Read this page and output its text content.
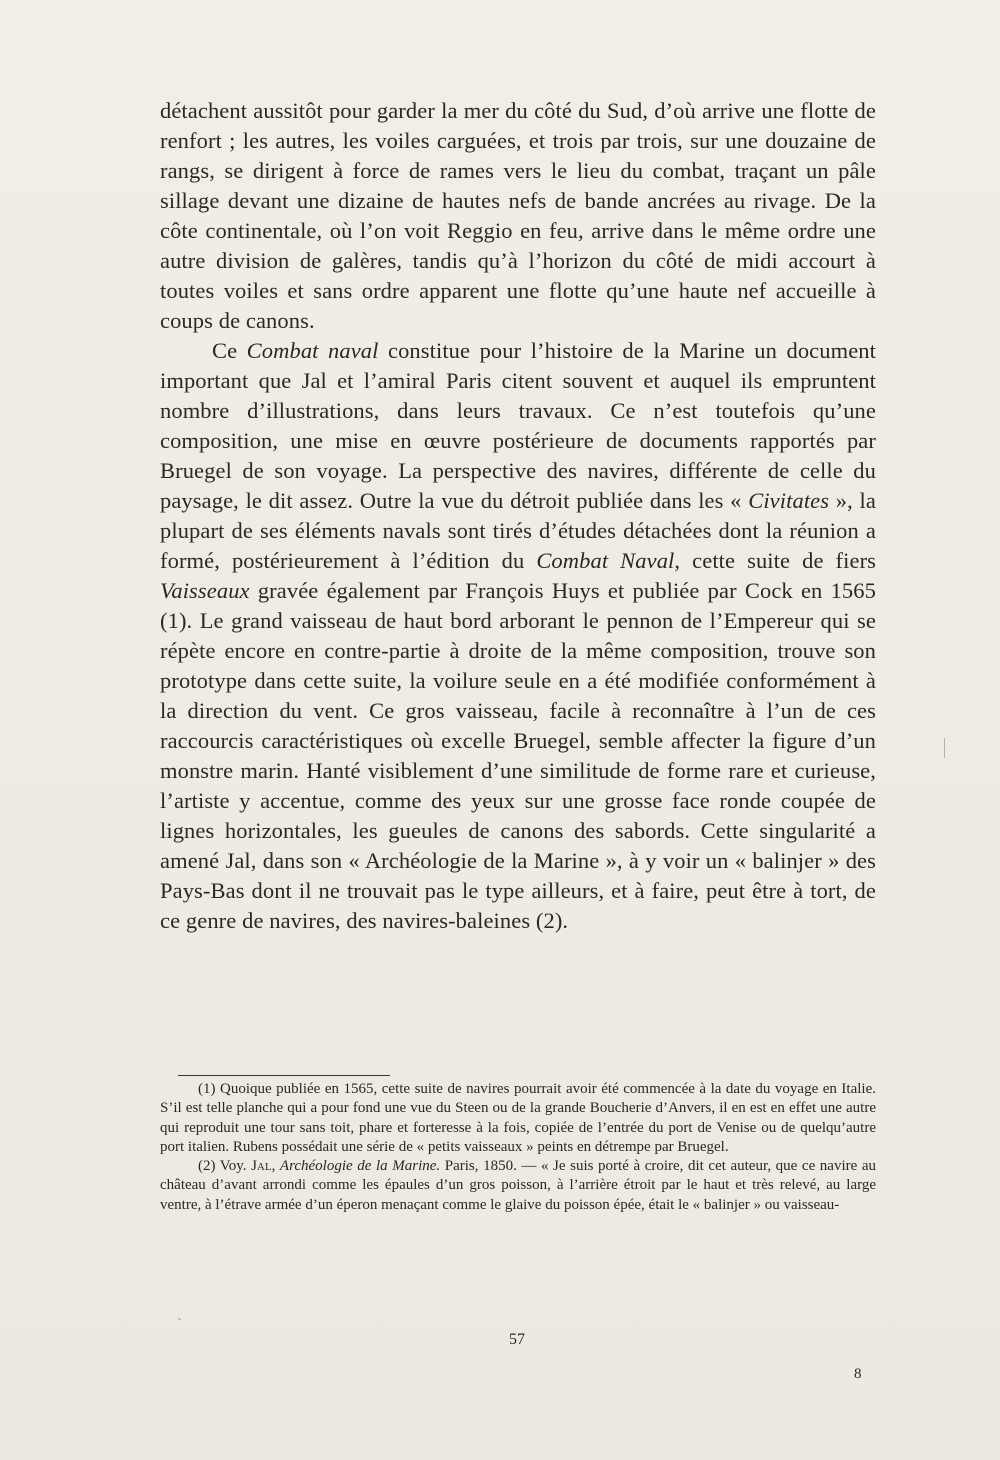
détachent aussitôt pour garder la mer du côté du Sud, d’où arrive une flotte de renfort ; les autres, les voiles carguées, et trois par trois, sur une douzaine de rangs, se dirigent à force de rames vers le lieu du combat, traçant un pâle sillage devant une dizaine de hautes nefs de bande ancrées au rivage. De la côte continentale, où l’on voit Reggio en feu, arrive dans le même ordre une autre division de galères, tandis qu’à l’horizon du côté de midi accourt à toutes voiles et sans ordre apparent une flotte qu’une haute nef accueille à coups de canons.

Ce Combat naval constitue pour l’histoire de la Marine un document important que Jal et l’amiral Paris citent souvent et auquel ils empruntent nombre d’illustrations, dans leurs travaux. Ce n’est toutefois qu’une composition, une mise en œuvre postérieure de documents rapportés par Bruegel de son voyage. La perspective des navires, différente de celle du paysage, le dit assez. Outre la vue du détroit publiée dans les « Civitates », la plupart de ses éléments navals sont tirés d’études détachées dont la réunion a formé, postérieurement à l’édition du Combat Naval, cette suite de fiers Vaisseaux gravée également par François Huys et publiée par Cock en 1565 (1). Le grand vaisseau de haut bord arborant le pennon de l’Empereur qui se répète encore en contre-partie à droite de la même composition, trouve son prototype dans cette suite, la voilure seule en a été modifiée conformément à la direction du vent. Ce gros vaisseau, facile à reconnaître à l’un de ces raccourcis caractéristiques où excelle Bruegel, semble affecter la figure d’un monstre marin. Hanté visiblement d’une similitude de forme rare et curieuse, l’artiste y accentue, comme des yeux sur une grosse face ronde coupée de lignes horizontales, les gueules de canons des sabords. Cette singularité a amené Jal, dans son « Archéologie de la Marine », à y voir un « balinjer » des Pays-Bas dont il ne trouvait pas le type ailleurs, et à faire, peut être à tort, de ce genre de navires, des navires-baleines (2).

(1) Quoique publiée en 1565, cette suite de navires pourrait avoir été commencée à la date du voyage en Italie. S’il est telle planche qui a pour fond une vue du Steen ou de la grande Boucherie d’Anvers, il en est en effet une autre qui reproduit une tour sans toit, phare et forteresse à la fois, copiée de l’entrée du port de Venise ou de quelqu’autre port italien. Rubens possédait une série de « petits vaisseaux » peints en détrempe par Bruegel.

(2) Voy. Jal, Archéologie de la Marine. Paris, 1850. — « Je suis porté à croire, dit cet auteur, que ce navire au château d’avant arrondi comme les épaules d’un gros poisson, à l’arrière étroit par le haut et très relevé, au large ventre, à l’étrave armée d’un éperon menaçant comme le glaive du poisson épée, était le « balinjer » ou vaisseau-

57
8
